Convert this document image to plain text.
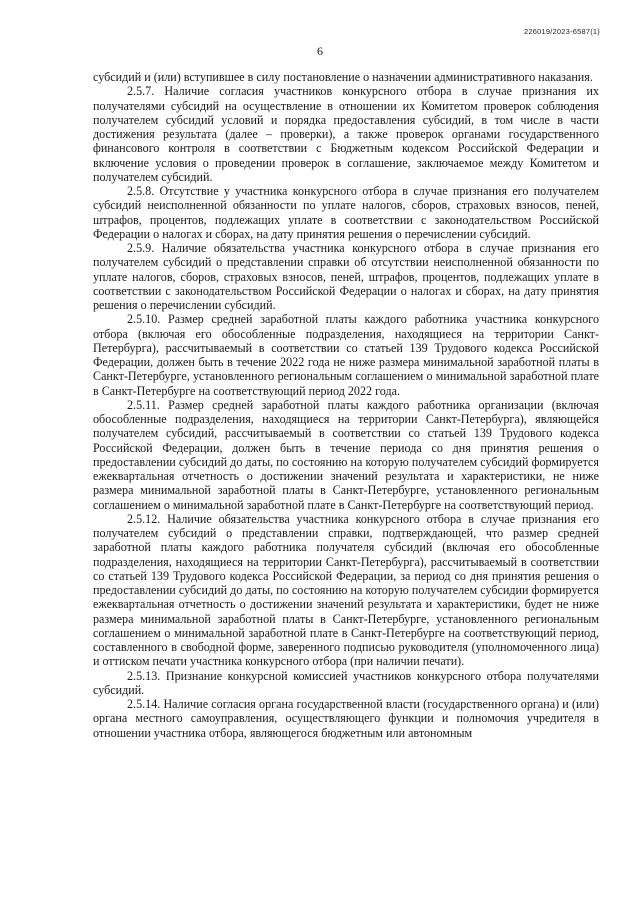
226019/2023-6587(1)
6

субсидий и (или) вступившее в силу постановление о назначении административного наказания.

2.5.7. Наличие согласия участников конкурсного отбора в случае признания их получателями субсидий на осуществление в отношении их Комитетом проверок соблюдения получателем субсидий условий и порядка предоставления субсидий, в том числе в части достижения результата (далее – проверки), а также проверок органами государственного финансового контроля в соответствии с Бюджетным кодексом Российской Федерации и включение условия о проведении проверок в соглашение, заключаемое между Комитетом и получателем субсидий.

2.5.8. Отсутствие у участника конкурсного отбора в случае признания его получателем субсидий неисполненной обязанности по уплате налогов, сборов, страховых взносов, пеней, штрафов, процентов, подлежащих уплате в соответствии с законодательством Российской Федерации о налогах и сборах, на дату принятия решения о перечислении субсидий.

2.5.9. Наличие обязательства участника конкурсного отбора в случае признания его получателем субсидий о представлении справки об отсутствии неисполненной обязанности по уплате налогов, сборов, страховых взносов, пеней, штрафов, процентов, подлежащих уплате в соответствии с законодательством Российской Федерации о налогах и сборах, на дату принятия решения о перечислении субсидий.

2.5.10. Размер средней заработной платы каждого работника участника конкурсного отбора (включая его обособленные подразделения, находящиеся на территории Санкт-Петербурга), рассчитываемый в соответствии со статьей 139 Трудового кодекса Российской Федерации, должен быть в течение 2022 года не ниже размера минимальной заработной платы в Санкт-Петербурге, установленного региональным соглашением о минимальной заработной плате в Санкт-Петербурге на соответствующий период 2022 года.

2.5.11. Размер средней заработной платы каждого работника организации (включая обособленные подразделения, находящиеся на территории Санкт-Петербурга), являющейся получателем субсидий, рассчитываемый в соответствии со статьей 139 Трудового кодекса Российской Федерации, должен быть в течение периода со дня принятия решения о предоставлении субсидий до даты, по состоянию на которую получателем субсидий формируется ежеквартальная отчетность о достижении значений результата и характеристики, не ниже размера минимальной заработной платы в Санкт-Петербурге, установленного региональным соглашением о минимальной заработной плате в Санкт-Петербурге на соответствующий период.

2.5.12. Наличие обязательства участника конкурсного отбора в случае признания его получателем субсидий о представлении справки, подтверждающей, что размер средней заработной платы каждого работника получателя субсидий (включая его обособленные подразделения, находящиеся на территории Санкт-Петербурга), рассчитываемый в соответствии со статьей 139 Трудового кодекса Российской Федерации, за период со дня принятия решения о предоставлении субсидий до даты, по состоянию на которую получателем субсидии формируется ежеквартальная отчетность о достижении значений результата и характеристики, будет не ниже размера минимальной заработной платы в Санкт-Петербурге, установленного региональным соглашением о минимальной заработной плате в Санкт-Петербурге на соответствующий период, составленного в свободной форме, заверенного подписью руководителя (уполномоченного лица) и оттиском печати участника конкурсного отбора (при наличии печати).

2.5.13. Признание конкурсной комиссией участников конкурсного отбора получателями субсидий.

2.5.14. Наличие согласия органа государственной власти (государственного органа) и (или) органа местного самоуправления, осуществляющего функции и полномочия учредителя в отношении участника отбора, являющегося бюджетным или автономным
